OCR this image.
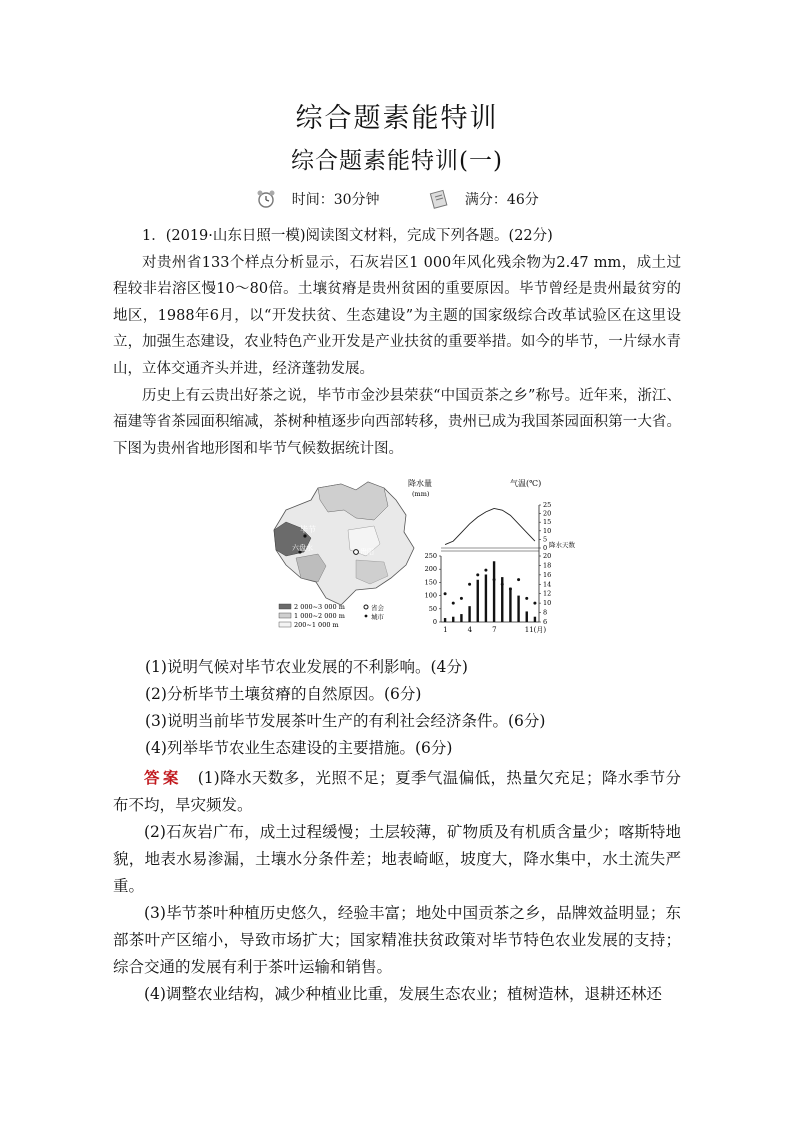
综合题素能特训
综合题素能特训(一)
时间：30分钟	满分：46分

1．(2019·山东日照一模)阅读图文材料，完成下列各题。(22分)

对贵州省133个样点分析显示，石灰岩区1 000年风化残余物为2.47 mm，成土过程较非岩溶区慢10～80倍。土壤贫瘠是贵州贫困的重要原因。毕节曾经是贵州最贫穷的地区，1988年6月，以“开发扶贫、生态建设”为主题的国家级综合改革试验区在这里设立，加强生态建设，农业特色产业开发是产业扶贫的重要举措。如今的毕节，一片绿水青山，立体交通齐头并进，经济蓬勃发展。

历史上有云贵出好茶之说，毕节市金沙县荣获“中国贡茶之乡”称号。近年来，浙江、福建等省茶园面积缩减，茶树种植逐步向西部转移，贵州已成为我国茶园面积第一大省。下图为贵州省地形图和毕节气候数据统计图。

毕节
六盘水	贵阳
2 000~3 000 m
1 000~2 000 m
200~1 000 m
省会
城市
降水量
(mm)
气温(℃)
降水天数
250
200
150
100
50
0
25
20
15
10
5
0
20
18
16
14
12
10
8
6
1	4	7	11(月)
(1)说明气候对毕节农业发展的不利影响。(4分)
(2)分析毕节土壤贫瘠的自然原因。(6分)
(3)说明当前毕节发展茶叶生产的有利社会经济条件。(6分)
(4)列举毕节农业生态建设的主要措施。(6分)

答案　 (1)降水天数多，光照不足；夏季气温偏低，热量欠充足；降水季节分布不均，旱灾频发。

(2)石灰岩广布，成土过程缓慢；土层较薄，矿物质及有机质含量少；喀斯特地貌，地表水易渗漏，土壤水分条件差；地表崎岖，坡度大，降水集中，水土流失严重。

(3)毕节茶叶种植历史悠久，经验丰富；地处中国贡茶之乡，品牌效益明显；东部茶叶产区缩小，导致市场扩大；国家精准扶贫政策对毕节特色农业发展的支持；综合交通的发展有利于茶叶运输和销售。

(4)调整农业结构，减少种植业比重，发展生态农业；植树造林，退耕还林还
